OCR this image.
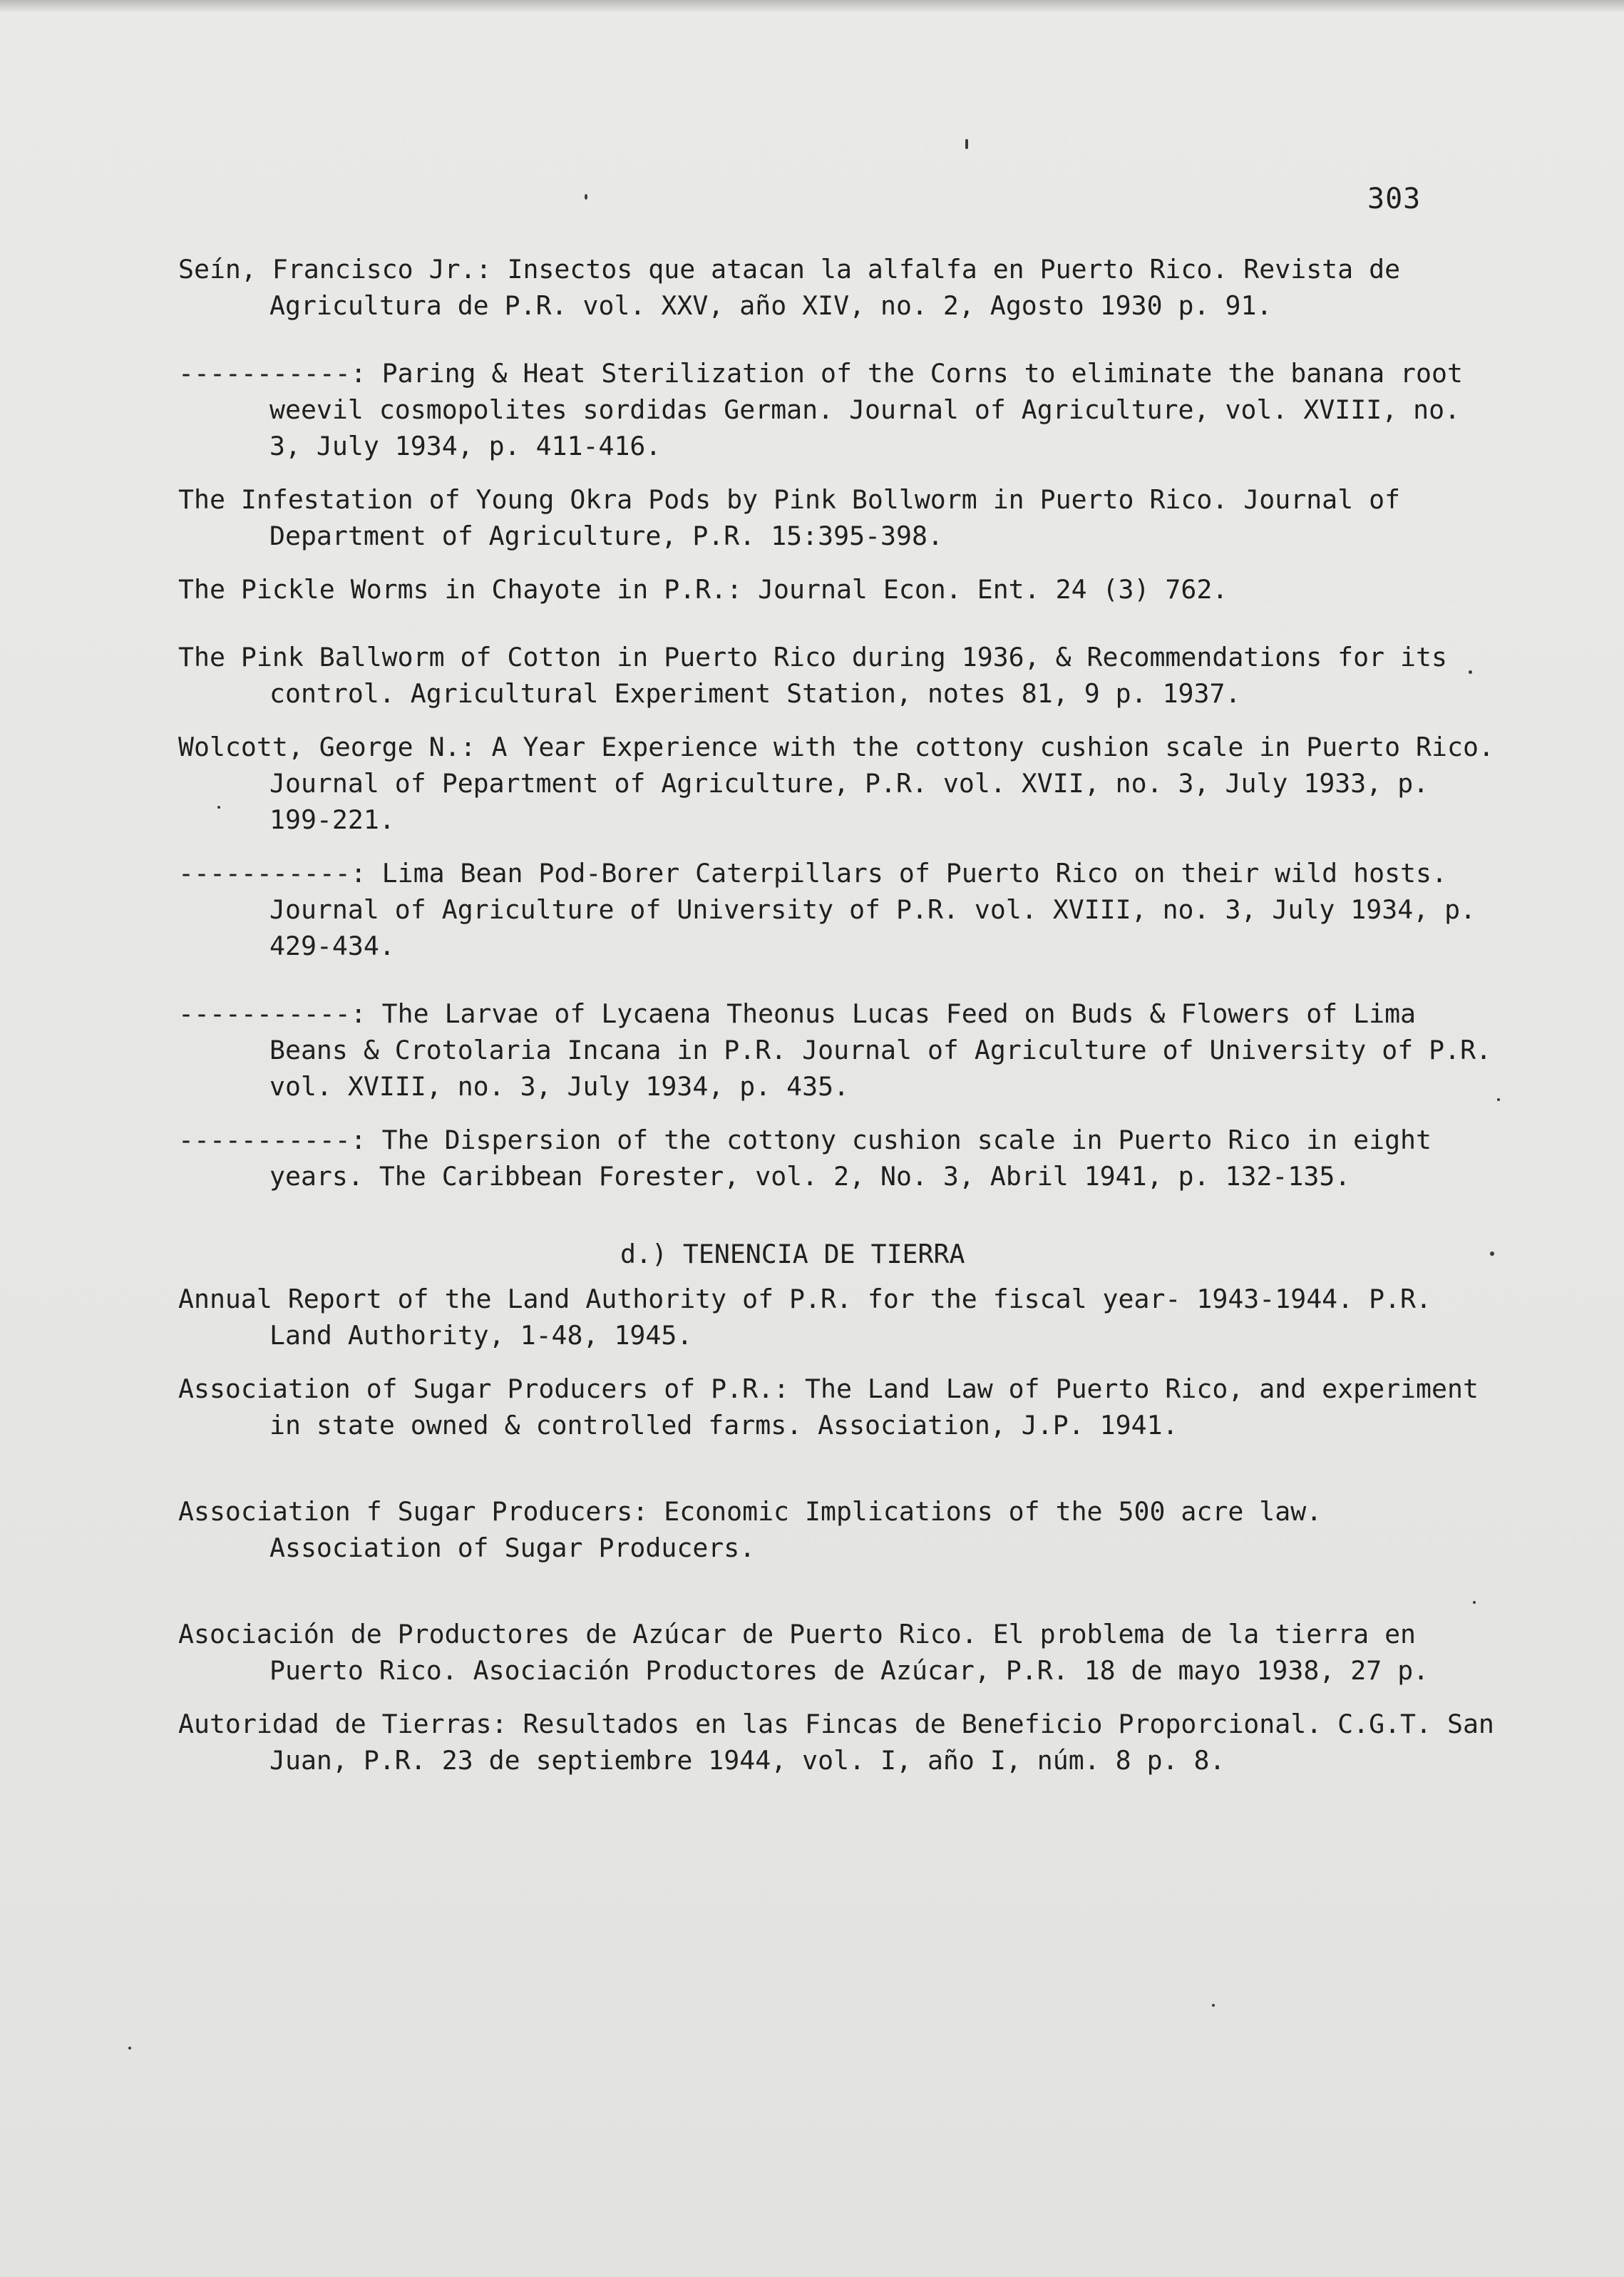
303

Seín, Francisco Jr.: Insectos que atacan la alfalfa en Puerto Rico. Revista de Agricultura de P.R. vol. XXV, año XIV, no. 2, Agosto 1930 p. 91.

-----------: Paring & Heat Sterilization of the Corns to eliminate the banana root weevil cosmopolites sordidas German. Journal of Agriculture, vol. XVIII, no. 3, July 1934, p. 411-416.

The Infestation of Young Okra Pods by Pink Bollworm in Puerto Rico. Journal of Department of Agriculture, P.R. 15:395-398.

The Pickle Worms in Chayote in P.R.: Journal Econ. Ent. 24 (3) 762.

The Pink Ballworm of Cotton in Puerto Rico during 1936, & Recommendations for its control. Agricultural Experiment Station, notes 81, 9 p. 1937.

Wolcott, George N.: A Year Experience with the cottony cushion scale in Puerto Rico. Journal of Pepartment of Agriculture, P.R. vol. XVII, no. 3, July 1933, p. 199-221.

-----------: Lima Bean Pod-Borer Caterpillars of Puerto Rico on their wild hosts. Journal of Agriculture of University of P.R. vol. XVIII, no. 3, July 1934, p. 429-434.

-----------: The Larvae of Lycaena Theonus Lucas Feed on Buds & Flowers of Lima Beans & Crotolaria Incana in P.R. Journal of Agriculture of University of P.R. vol. XVIII, no. 3, July 1934, p. 435.

-----------: The Dispersion of the cottony cushion scale in Puerto Rico in eight years. The Caribbean Forester, vol. 2, No. 3, Abril 1941, p. 132-135.

d.) TENENCIA DE TIERRA

Annual Report of the Land Authority of P.R. for the fiscal year- 1943-1944. P.R. Land Authority, 1-48, 1945.

Association of Sugar Producers of P.R.: The Land Law of Puerto Rico, and experiment in state owned & controlled farms. Association, J.P. 1941.

Association f Sugar Producers: Economic Implications of the 500 acre law. Association of Sugar Producers.

Asociación de Productores de Azúcar de Puerto Rico. El problema de la tierra en Puerto Rico. Asociación Productores de Azúcar, P.R. 18 de mayo 1938, 27 p.

Autoridad de Tierras: Resultados en las Fincas de Beneficio Proporcional. C.G.T. San Juan, P.R. 23 de septiembre 1944, vol. I, año I, núm. 8 p. 8.
